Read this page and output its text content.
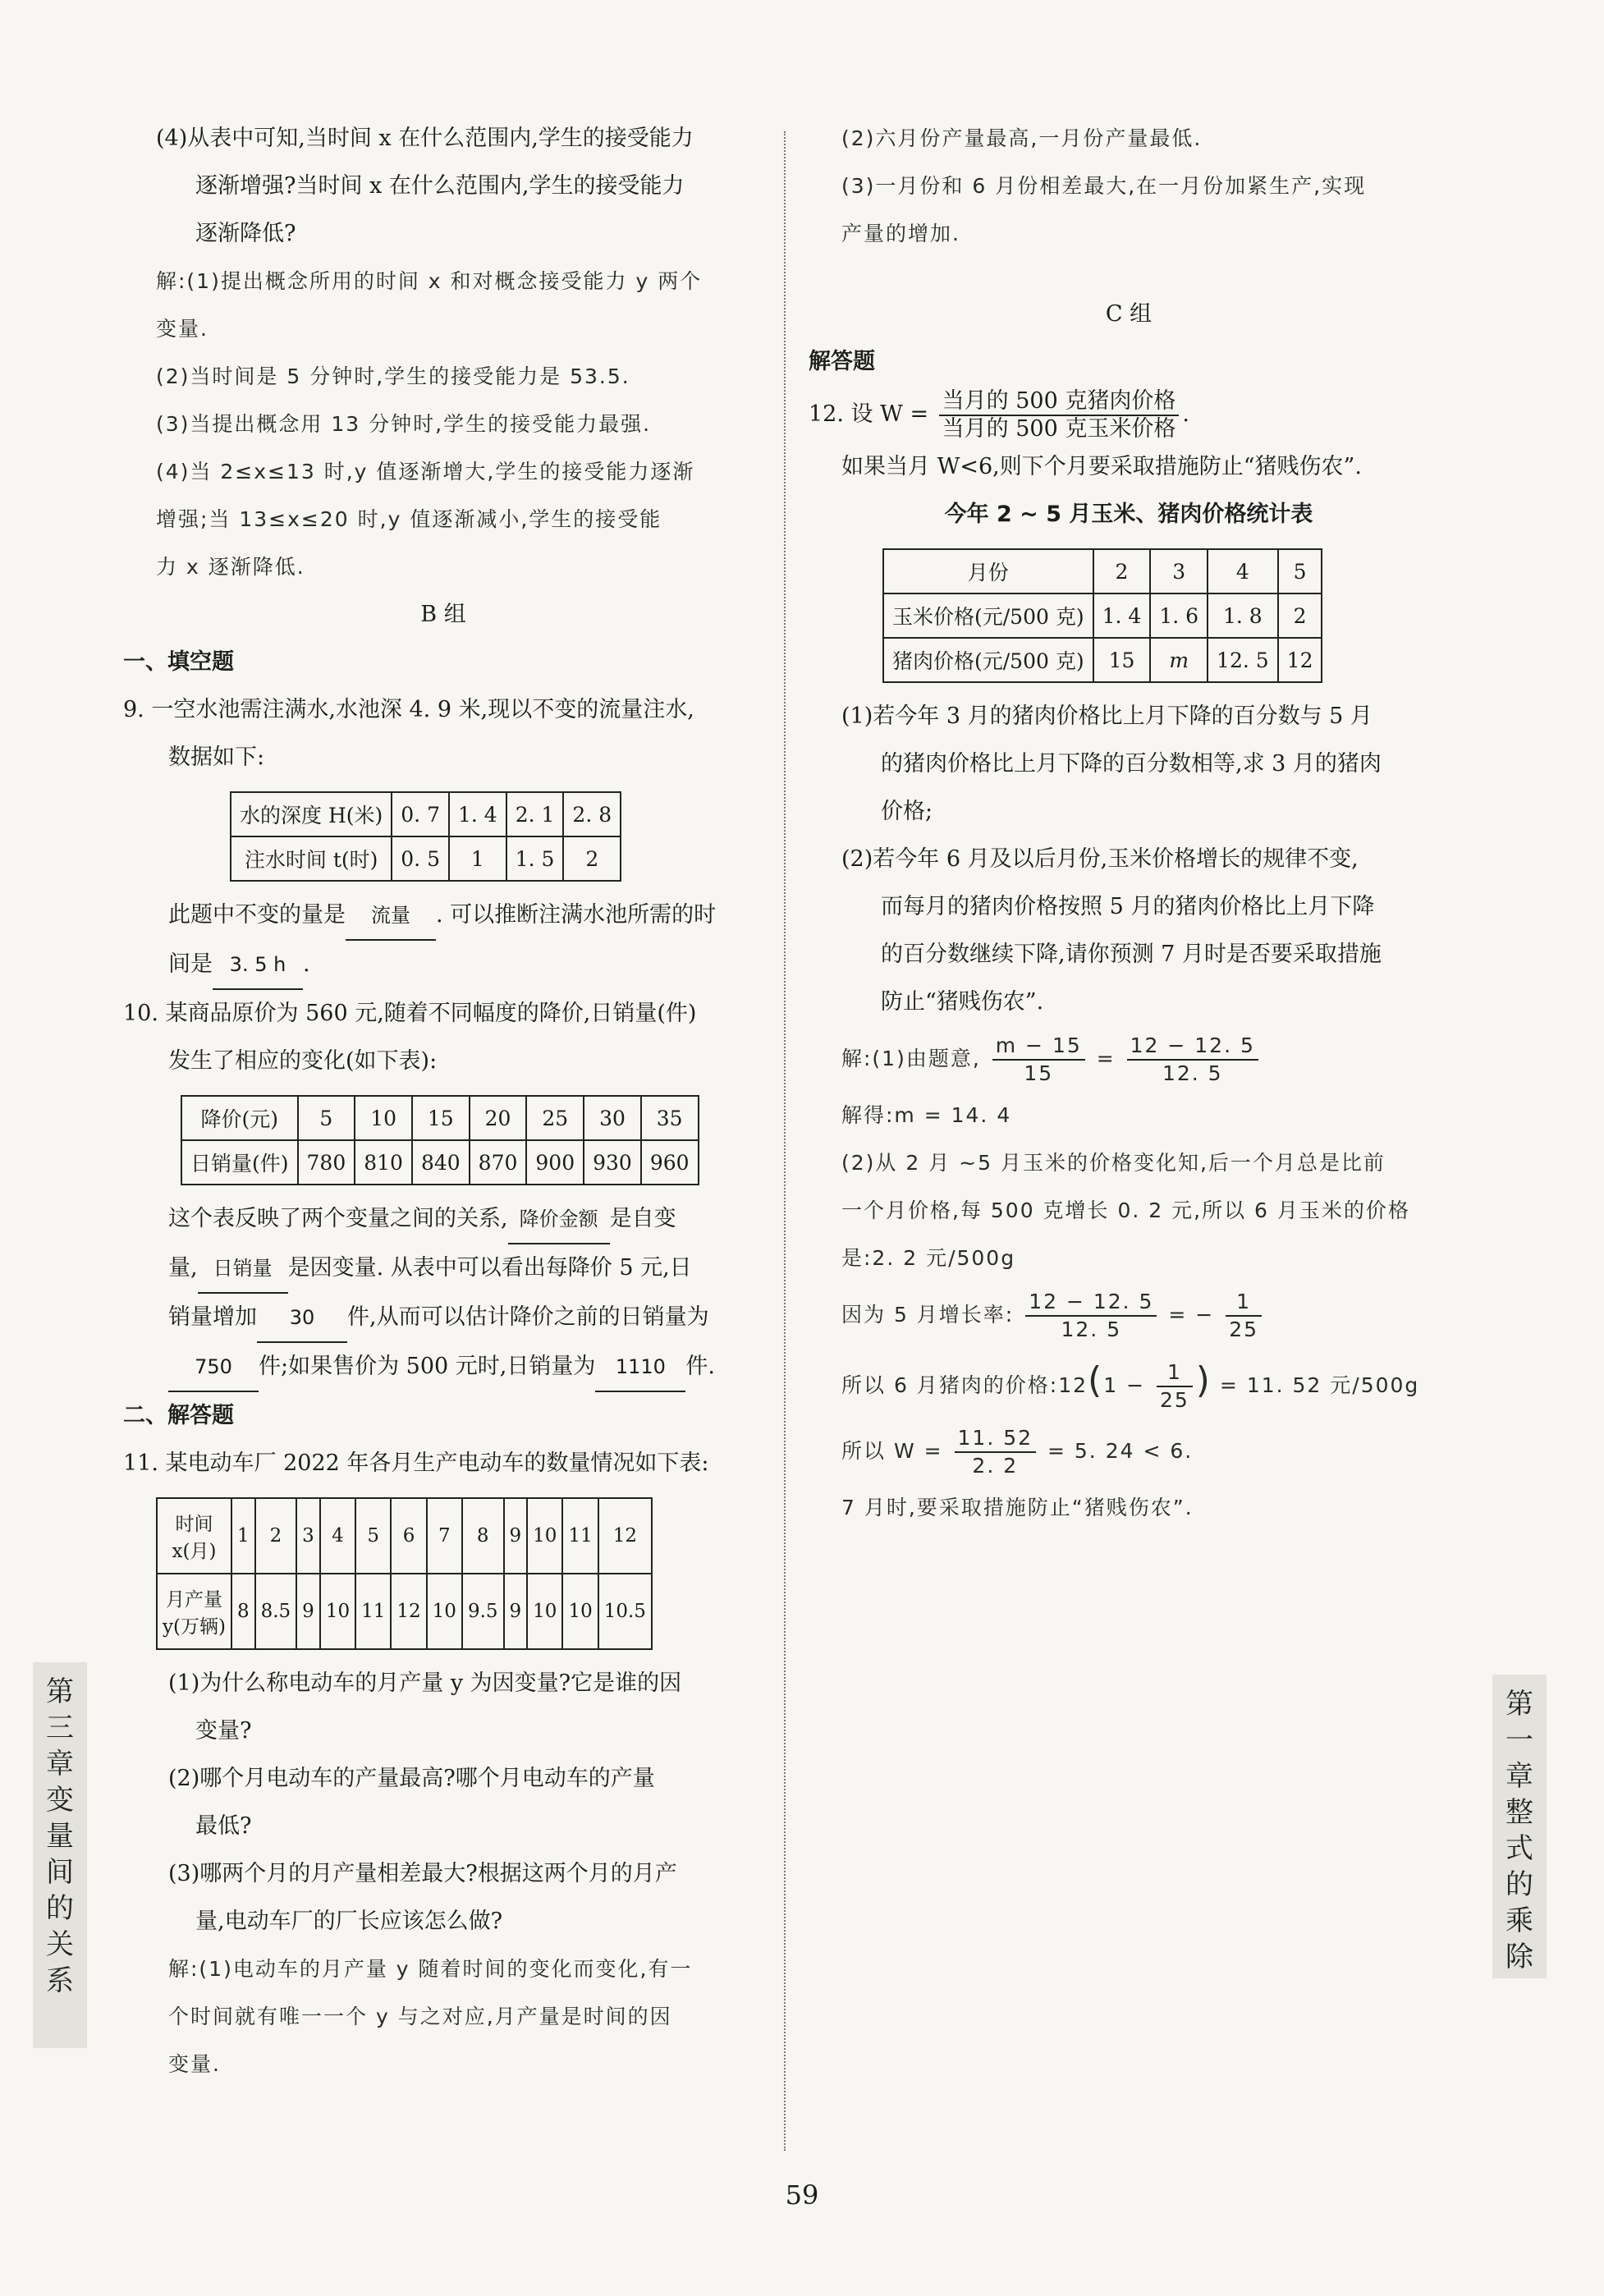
(4)从表中可知,当时间 x 在什么范围内,学生的接受能力
逐渐增强?当时间 x 在什么范围内,学生的接受能力
逐渐降低?
解:(1)提出概念所用的时间 x 和对概念接受能力 y 两个
变量.
(2)当时间是 5 分钟时,学生的接受能力是 53.5.
(3)当提出概念用 13 分钟时,学生的接受能力最强.
(4)当 2≤x≤13 时,y 值逐渐增大,学生的接受能力逐渐
增强;当 13≤x≤20 时,y 值逐渐减小,学生的接受能
力 x 逐渐降低.
B 组
一、填空题
9. 一空水池需注满水,水池深 4. 9 米,现以不变的流量注水,
数据如下:
水的深度 H(米)	0. 7	1. 4	2. 1	2. 8
注水时间 t(时)	0. 5	1	1. 5	2
此题中不变的量是 流量 . 可以推断注满水池所需的时
间是 3. 5 h .
10. 某商品原价为 560 元,随着不同幅度的降价,日销量(件)
发生了相应的变化(如下表):
降价(元)	5	10	15	20	25	30	35
日销量(件)	780	810	840	870	900	930	960
这个表反映了两个变量之间的关系, 降价金额 是自变
量, 日销量 是因变量. 从表中可以看出每降价 5 元,日
销量增加 30 件,从而可以估计降价之前的日销量为
750 件;如果售价为 500 元时,日销量为 1110 件.
二、解答题
11. 某电动车厂 2022 年各月生产电动车的数量情况如下表:
时间
x(月)	1	2	3	4	5	6	7	8	9	10	11	12
月产量
y(万辆)	8	8.5	9	10	11	12	10	9.5	9	10	10	10.5
(1)为什么称电动车的月产量 y 为因变量?它是谁的因
变量?
(2)哪个月电动车的产量最高?哪个月电动车的产量
最低?
(3)哪两个月的月产量相差最大?根据这两个月的月产
量,电动车厂的厂长应该怎么做?
解:(1)电动车的月产量 y 随着时间的变化而变化,有一
个时间就有唯一一个 y 与之对应,月产量是时间的因
变量.
(2)六月份产量最高,一月份产量最低.
(3)一月份和 6 月份相差最大,在一月份加紧生产,实现
产量的增加.
C 组
解答题
12. 设 $W = \frac{\text{当月的 500 克猪肉价格}}{\text{当月的 500 克玉米价格}}$ .
如果当月 W<6,则下个月要采取措施防止“猪贱伤农”.
今年 2 ~ 5 月玉米、猪肉价格统计表
月份	2	3	4	5
玉米价格(元/500 克)	1. 4	1. 6	1. 8	2
猪肉价格(元/500 克)	15	m	12. 5	12
(1)若今年 3 月的猪肉价格比上月下降的百分数与 5 月
的猪肉价格比上月下降的百分数相等,求 3 月的猪肉
价格;
(2)若今年 6 月及以后月份,玉米价格增长的规律不变,
而每月的猪肉价格按照 5 月的猪肉价格比上月下降
的百分数继续下降,请你预测 7 月时是否要采取措施
防止“猪贱伤农”.
解:(1)由题意, $\frac{m - 15}{15} = \frac{12 - 12. 5}{12. 5}$
解得:m = 14. 4
(2)从 2 月 ~5 月玉米的价格变化知,后一个月总是比前
一个月价格,每 500 克增长 0. 2 元,所以 6 月玉米的价格
是:2. 2 元/500g
因为 5 月增长率: $\frac{12 - 12. 5}{12. 5}$ = − $\frac{1}{25}$
所以 6 月猪肉的价格:12(1 − $\frac{1}{25}$ ) = 11. 52 元/500g
所以 $W = \frac{11. 52}{2. 2} = 5$. 24 < 6.
7 月时,要采取措施防止“猪贱伤农”.
第
三
章
变
量
间
的
关
系
第
一
章
整
式
的
乘
除
59
